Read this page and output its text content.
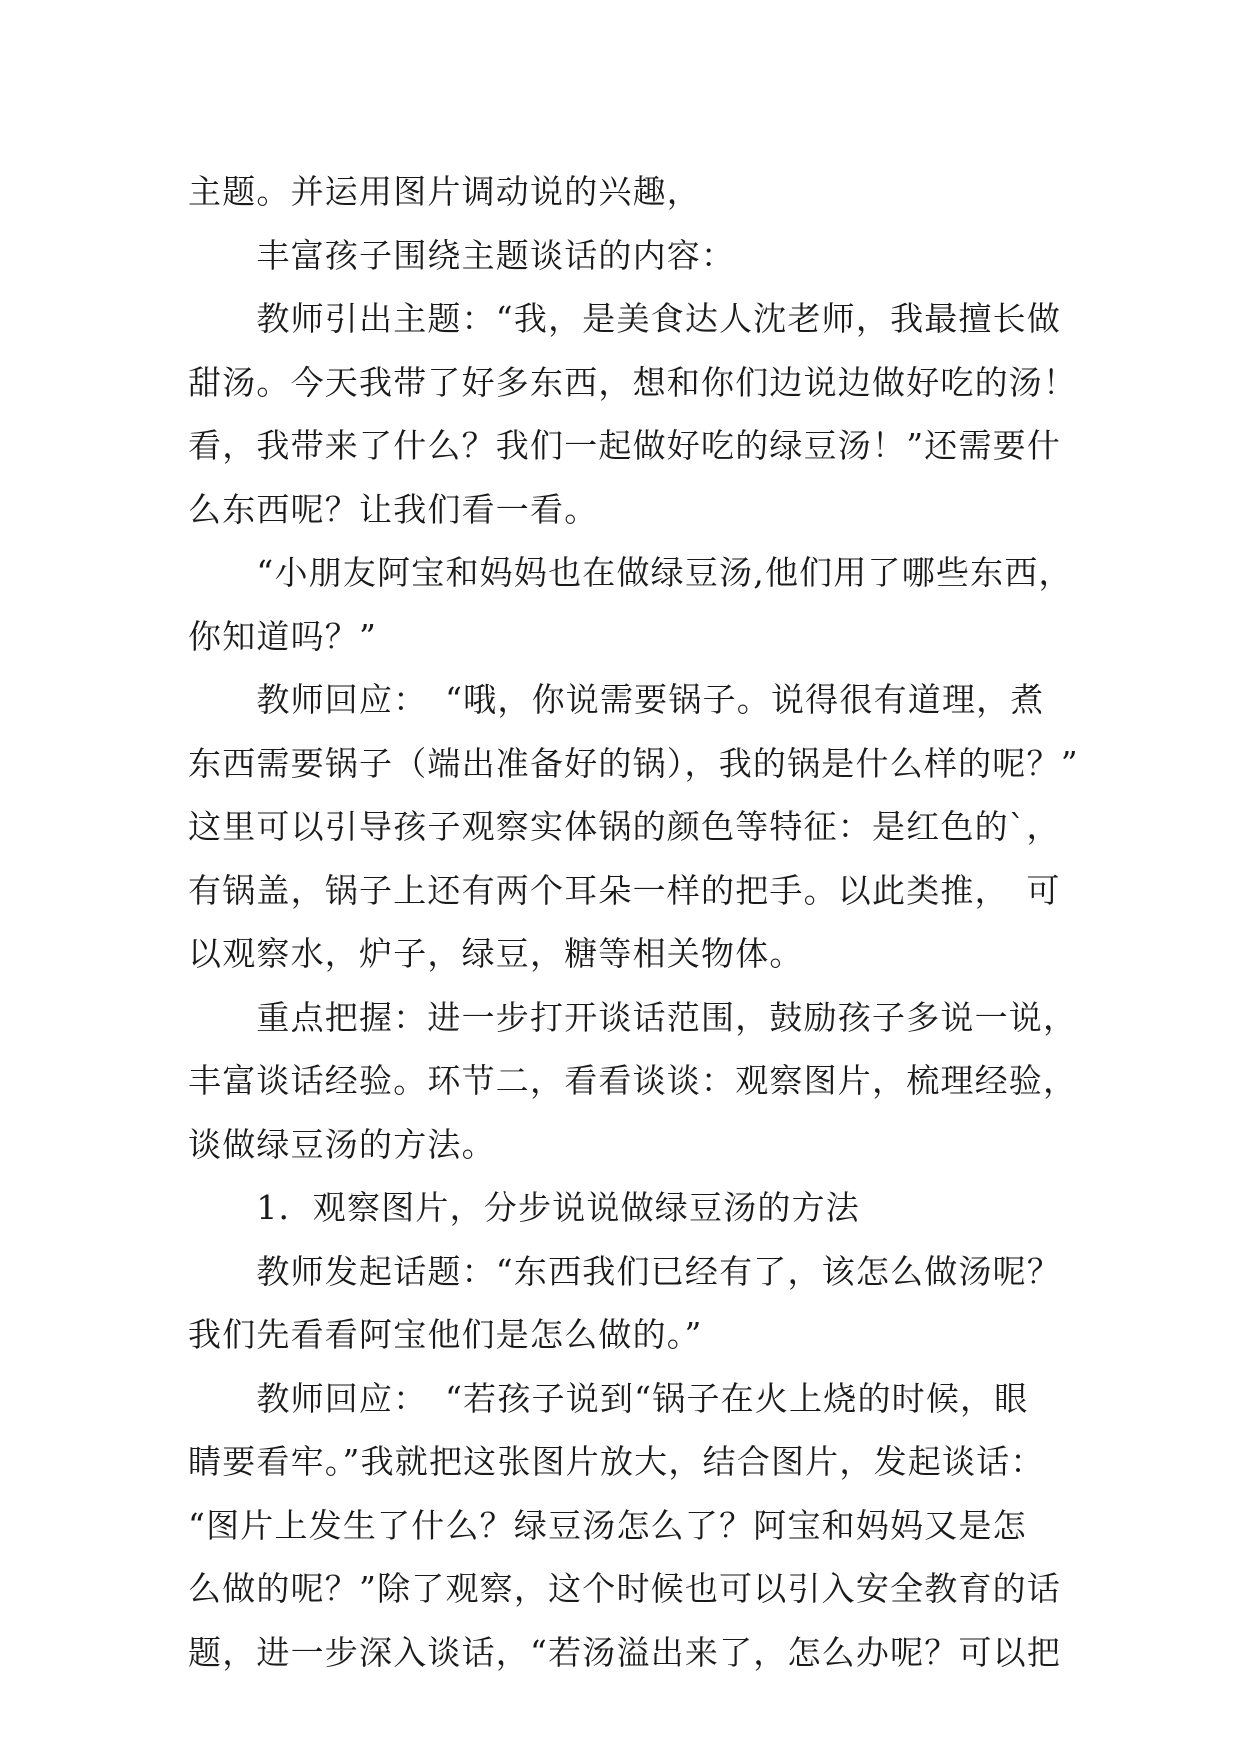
主题。并运用图片调动说的兴趣，
　　丰富孩子围绕主题谈话的内容：
　　教师引出主题：“我，是美食达人沈老师，我最擅长做
甜汤。今天我带了好多东西，想和你们边说边做好吃的汤！
看，我带来了什么？我们一起做好吃的绿豆汤！”还需要什
么东西呢？让我们看一看。
　　“小朋友阿宝和妈妈也在做绿豆汤,他们用了哪些东西，
你知道吗？”
　　教师回应：　“哦，你说需要锅子。说得很有道理，煮
东西需要锅子（端出准备好的锅），我的锅是什么样的呢？”
这里可以引导孩子观察实体锅的颜色等特征：是红色的`，
有锅盖，锅子上还有两个耳朵一样的把手。以此类推，　可
以观察水，炉子，绿豆，糖等相关物体。
　　重点把握：进一步打开谈话范围，鼓励孩子多说一说，
丰富谈话经验。环节二，看看谈谈：观察图片，梳理经验，
谈做绿豆汤的方法。
　　1．观察图片，分步说说做绿豆汤的方法
　　教师发起话题：“东西我们已经有了，该怎么做汤呢？
我们先看看阿宝他们是怎么做的。”
　　教师回应：　“若孩子说到“锅子在火上烧的时候，眼
睛要看牢。”我就把这张图片放大，结合图片，发起谈话：
“图片上发生了什么？绿豆汤怎么了？阿宝和妈妈又是怎
么做的呢？”除了观察，这个时候也可以引入安全教育的话
题，进一步深入谈话，“若汤溢出来了，怎么办呢？可以把
